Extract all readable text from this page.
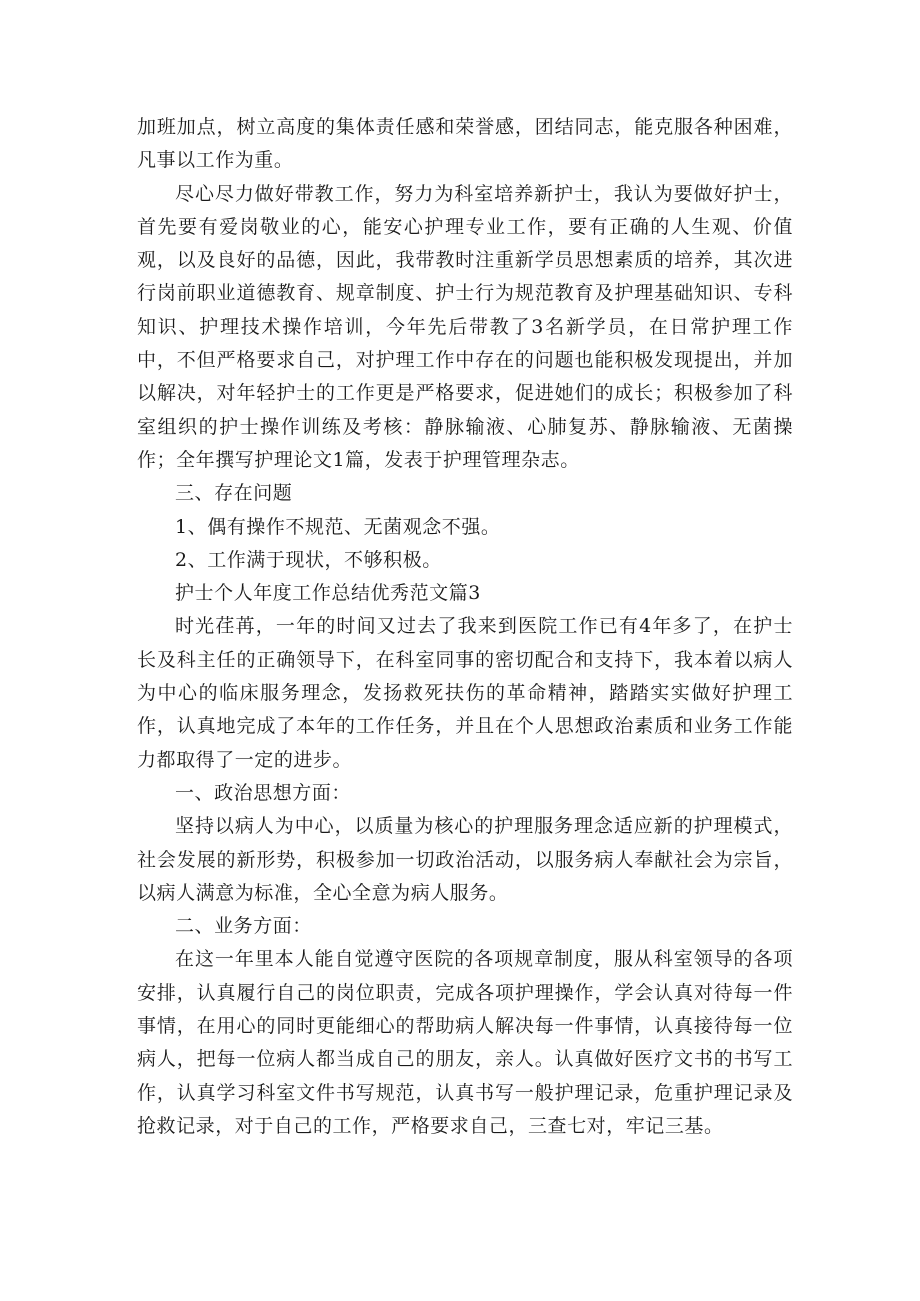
加班加点，树立高度的集体责任感和荣誉感，团结同志，能克服各种困难，凡事以工作为重。

尽心尽力做好带教工作，努力为科室培养新护士，我认为要做好护士，首先要有爱岗敬业的心，能安心护理专业工作，要有正确的人生观、价值观，以及良好的品德，因此，我带教时注重新学员思想素质的培养，其次进行岗前职业道德教育、规章制度、护士行为规范教育及护理基础知识、专科知识、护理技术操作培训，今年先后带教了3名新学员，在日常护理工作中，不但严格要求自己，对护理工作中存在的问题也能积极发现提出，并加以解决，对年轻护士的工作更是严格要求，促进她们的成长；积极参加了科室组织的护士操作训练及考核：静脉输液、心肺复苏、静脉输液、无菌操作；全年撰写护理论文1篇，发表于护理管理杂志。

三、存在问题

1、偶有操作不规范、无菌观念不强。

2、工作满于现状，不够积极。

护士个人年度工作总结优秀范文篇3

时光荏苒，一年的时间又过去了我来到医院工作已有4年多了，在护士长及科主任的正确领导下，在科室同事的密切配合和支持下，我本着以病人为中心的临床服务理念，发扬救死扶伤的革命精神，踏踏实实做好护理工作，认真地完成了本年的工作任务，并且在个人思想政治素质和业务工作能力都取得了一定的进步。

一、政治思想方面：

坚持以病人为中心，以质量为核心的护理服务理念适应新的护理模式，社会发展的新形势，积极参加一切政治活动，以服务病人奉献社会为宗旨，以病人满意为标准，全心全意为病人服务。

二、业务方面：

在这一年里本人能自觉遵守医院的各项规章制度，服从科室领导的各项安排，认真履行自己的岗位职责，完成各项护理操作，学会认真对待每一件事情，在用心的同时更能细心的帮助病人解决每一件事情，认真接待每一位病人，把每一位病人都当成自己的朋友，亲人。认真做好医疗文书的书写工作，认真学习科室文件书写规范，认真书写一般护理记录，危重护理记录及抢救记录，对于自己的工作，严格要求自己，三查七对，牢记三基。
